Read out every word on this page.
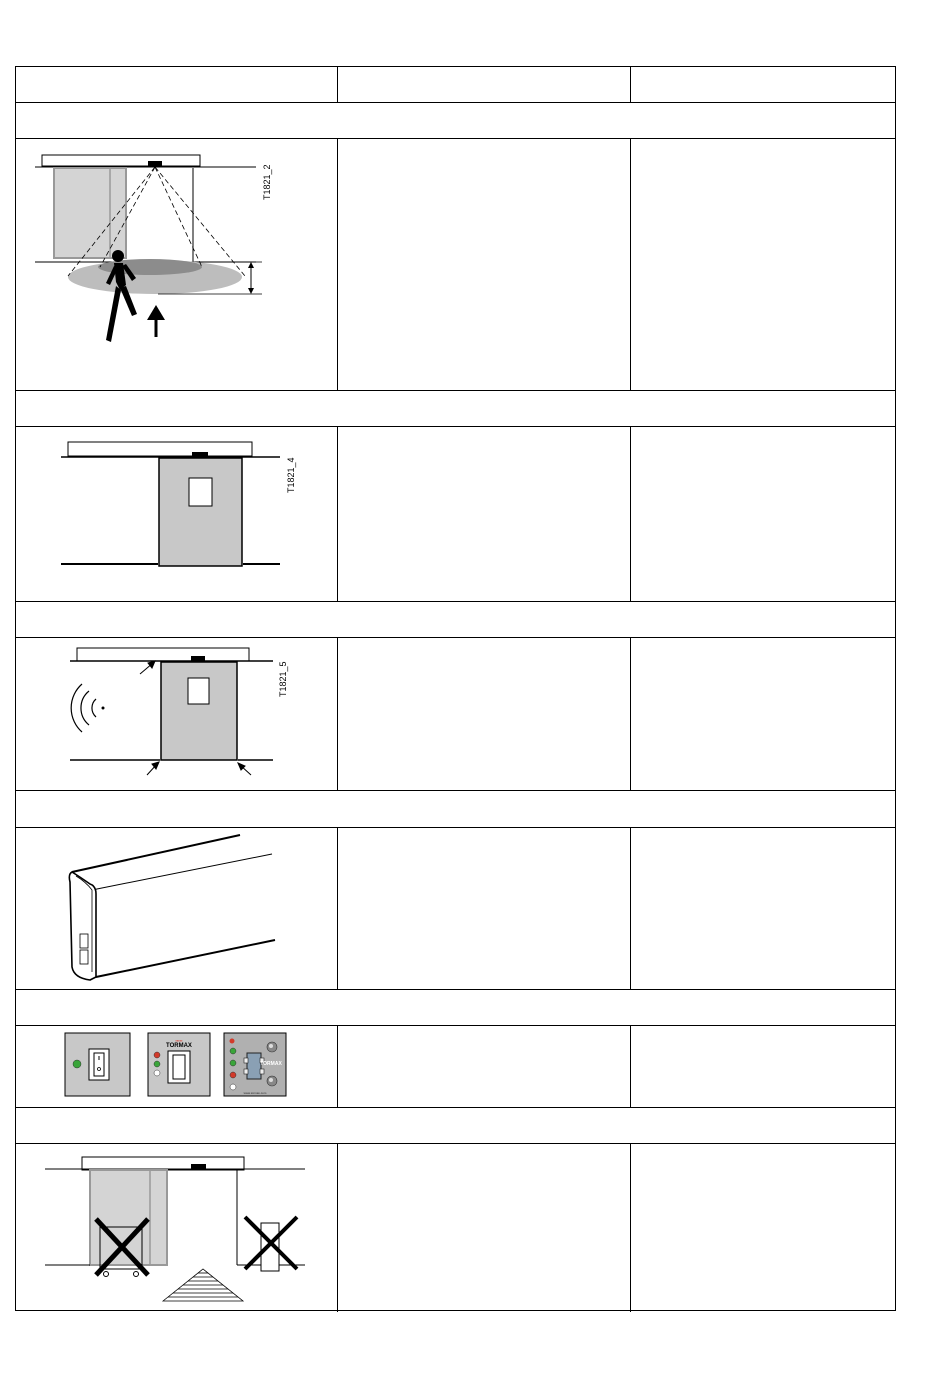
T1821_2
T1821_4
T1821_5
▪▪▪▪▪
TORMAX
TORMAX
www.tormax.com
